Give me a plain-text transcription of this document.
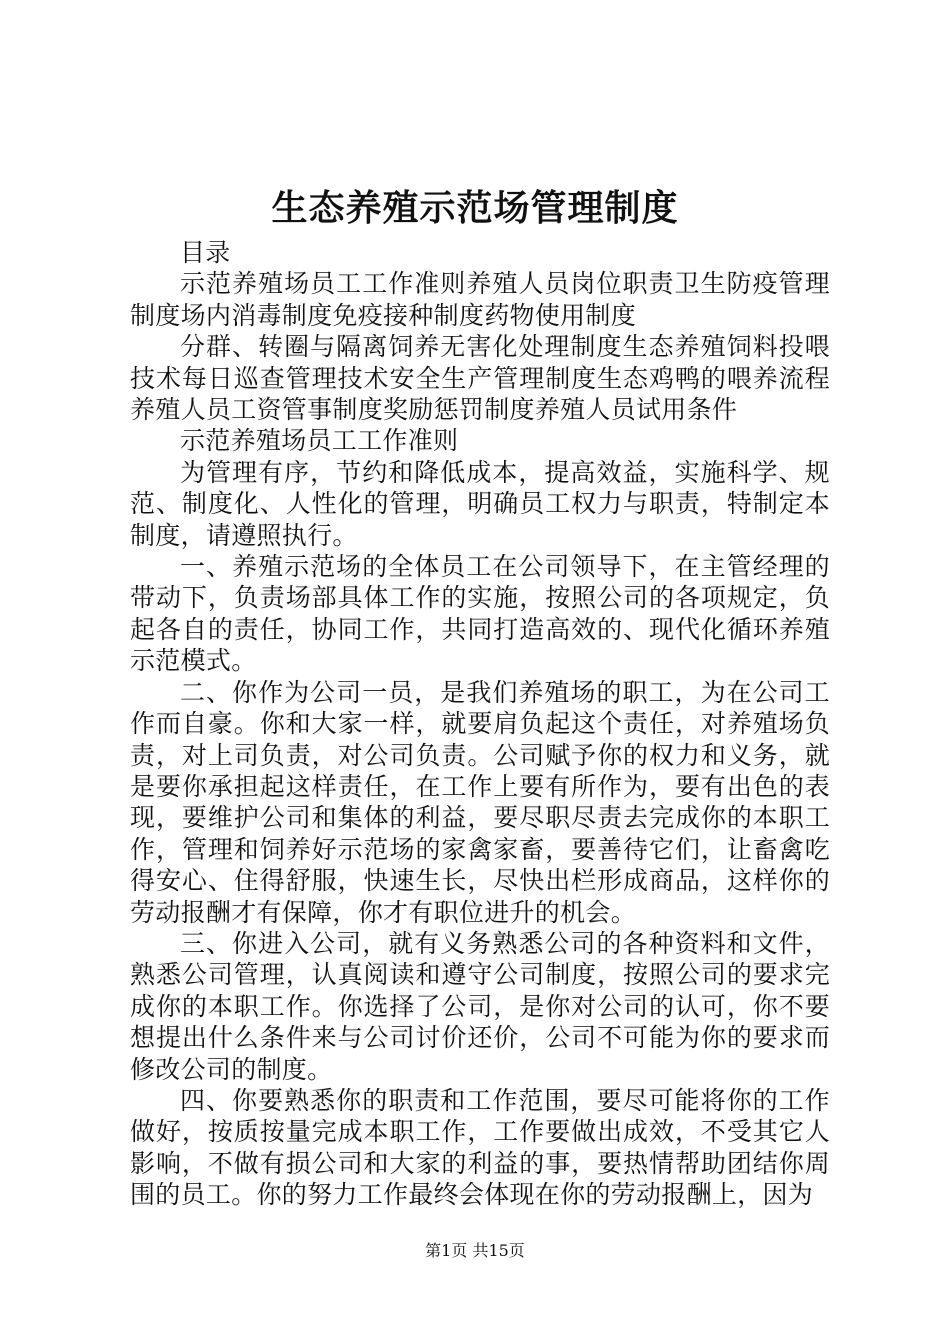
生态养殖示范场管理制度

目录

示范养殖场员工工作准则养殖人员岗位职责卫生防疫管理制度场内消毒制度免疫接种制度药物使用制度

分群、转圈与隔离饲养无害化处理制度生态养殖饲料投喂技术每日巡查管理技术安全生产管理制度生态鸡鸭的喂养流程养殖人员工资管事制度奖励惩罚制度养殖人员试用条件

示范养殖场员工工作准则

为管理有序，节约和降低成本，提高效益，实施科学、规范、制度化、人性化的管理，明确员工权力与职责，特制定本制度，请遵照执行。

一、养殖示范场的全体员工在公司领导下，在主管经理的带动下，负责场部具体工作的实施，按照公司的各项规定，负起各自的责任，协同工作，共同打造高效的、现代化循环养殖示范模式。

二、你作为公司一员，是我们养殖场的职工，为在公司工作而自豪。你和大家一样，就要肩负起这个责任，对养殖场负责，对上司负责，对公司负责。公司赋予你的权力和义务，就是要你承担起这样责任，在工作上要有所作为，要有出色的表现，要维护公司和集体的利益，要尽职尽责去完成你的本职工作，管理和饲养好示范场的家禽家畜，要善待它们，让畜禽吃得安心、住得舒服，快速生长，尽快出栏形成商品，这样你的劳动报酬才有保障，你才有职位进升的机会。

三、你进入公司，就有义务熟悉公司的各种资料和文件，熟悉公司管理，认真阅读和遵守公司制度，按照公司的要求完成你的本职工作。你选择了公司，是你对公司的认可，你不要想提出什么条件来与公司讨价还价，公司不可能为你的要求而修改公司的制度。

四、你要熟悉你的职责和工作范围，要尽可能将你的工作做好，按质按量完成本职工作，工作要做出成效，不受其它人影响，不做有损公司和大家的利益的事，要热情帮助团结你周围的员工。你的努力工作最终会体现在你的劳动报酬上，因为

第1页 共15页
